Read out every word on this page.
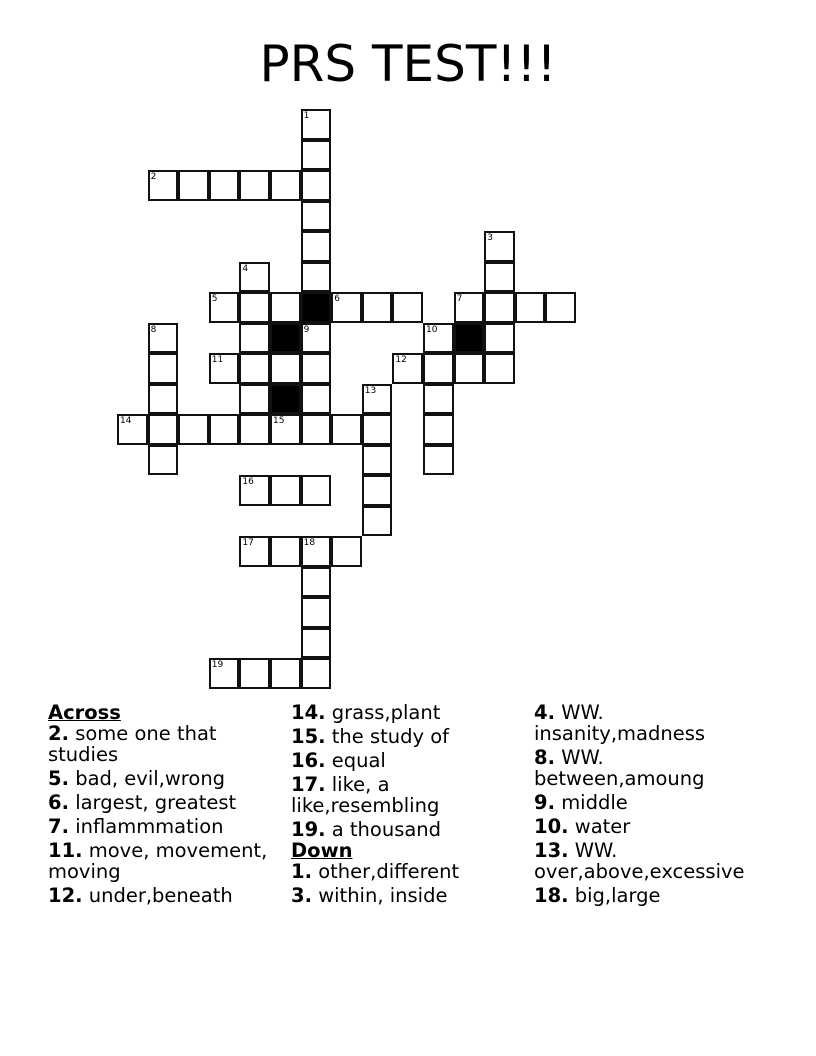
PRS TEST!!!
1
2
3
4
5	6	7
8	9	10
11	12
13
14	15
16
17	18
19
Across
2. some one that studies
5. bad, evil,wrong
6. largest, greatest
7. inflammmation
11. move, movement, moving
12. under,beneath
14. grass,plant
15. the study of
16. equal
17. like, a like,resembling
19. a thousand
Down
1. other,different
3. within, inside
4. WW. insanity,madness
8. WW. between,amoung
9. middle
10. water
13. WW. over,above,excessive
18. big,large
